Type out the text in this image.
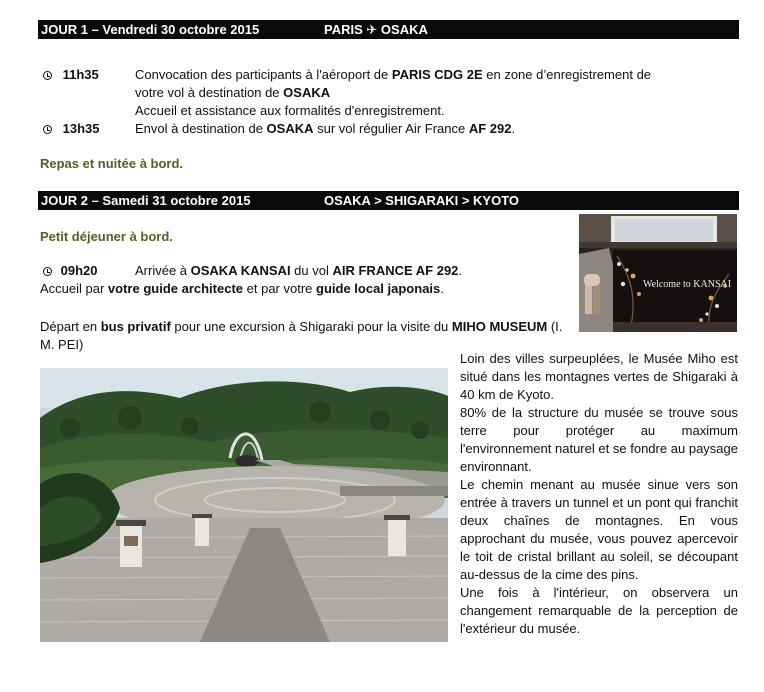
JOUR 1 – Vendredi 30 octobre 2015	PARIS ✈ OSAKA
11h35	Convocation des participants à l'aéroport de PARIS CDG 2E en zone d’enregistrement de
votre vol à destination de OSAKA
Accueil et assistance aux formalités d'enregistrement.
13h35	Envol à destination de OSAKA sur vol régulier Air France AF 292.
Repas et nuitée à bord.
JOUR 2 – Samedi 31 octobre 2015	OSAKA > SHIGARAKI > KYOTO
Petit déjeuner à bord.
09h20	Arrivée à OSAKA KANSAI du vol AIR FRANCE AF 292.
Accueil par votre guide architecte et par votre guide local japonais.
Départ en bus privatif pour une excursion à Shigaraki pour la visite du MIHO MUSEUM (I.
M. PEI)
Welcome to KANSAI

Loin des villes surpeuplées, le Musée Miho est situé dans les montagnes vertes de Shigaraki à 40 km de Kyoto.

80% de la structure du musée se trouve sous terre pour protéger au maximum l'environnement naturel et se fondre au paysage environnant.

Le chemin menant au musée sinue vers son entrée à travers un tunnel et un pont qui franchit deux chaînes de montagnes. En vous approchant du musée, vous pouvez apercevoir le toit de cristal brillant au soleil, se découpant au-dessus de la cime des pins.

Une fois à l'intérieur, on observera un changement remarquable de la perception de l'extérieur du musée.
